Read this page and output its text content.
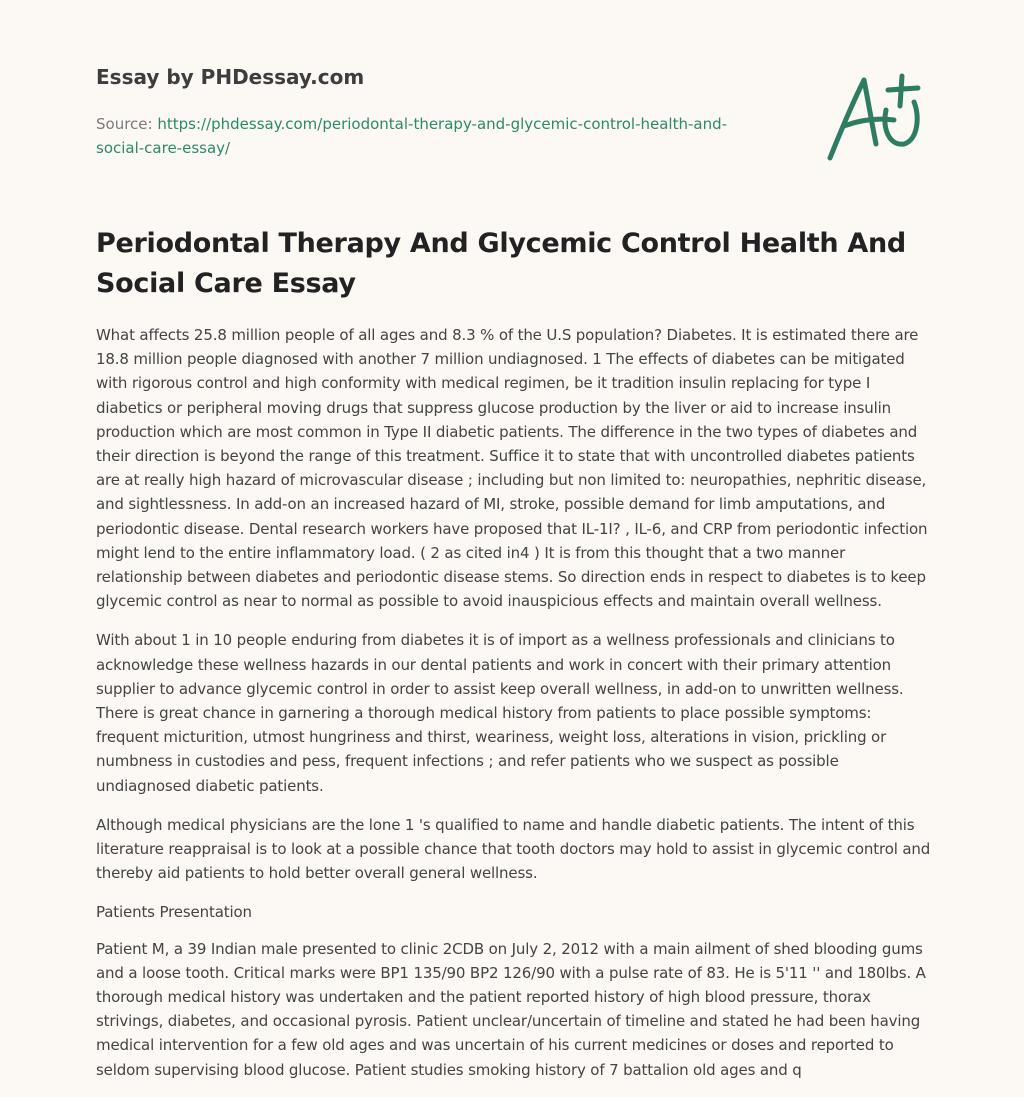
Essay by PHDessay.com
Source: https://phdessay.com/periodontal-therapy-and-glycemic-control-health-and-
social-care-essay/
Periodontal Therapy And Glycemic Control Health And Social Care Essay

What affects 25.8 million people of all ages and 8.3 % of the U.S population? Diabetes. It is estimated there are 18.8 million people diagnosed with another 7 million undiagnosed. 1 The effects of diabetes can be mitigated with rigorous control and high conformity with medical regimen, be it tradition insulin replacing for type I diabetics or peripheral moving drugs that suppress glucose production by the liver or aid to increase insulin production which are most common in Type II diabetic patients. The difference in the two types of diabetes and their direction is beyond the range of this treatment. Suffice it to state that with uncontrolled diabetes patients are at really high hazard of microvascular disease ; including but non limited to: neuropathies, nephritic disease, and sightlessness. In add-on an increased hazard of MI, stroke, possible demand for limb amputations, and periodontic disease. Dental research workers have proposed that IL-1I? , IL-6, and CRP from periodontic infection might lend to the entire inflammatory load. ( 2 as cited in4 ) It is from this thought that a two manner relationship between diabetes and periodontic disease stems. So direction ends in respect to diabetes is to keep glycemic control as near to normal as possible to avoid inauspicious effects and maintain overall wellness.

With about 1 in 10 people enduring from diabetes it is of import as a wellness professionals and clinicians to acknowledge these wellness hazards in our dental patients and work in concert with their primary attention supplier to advance glycemic control in order to assist keep overall wellness, in add-on to unwritten wellness. There is great chance in garnering a thorough medical history from patients to place possible symptoms: frequent micturition, utmost hungriness and thirst, weariness, weight loss, alterations in vision, prickling or numbness in custodies and pess, frequent infections ; and refer patients who we suspect as possible undiagnosed diabetic patients.

Although medical physicians are the lone 1 's qualified to name and handle diabetic patients. The intent of this literature reappraisal is to look at a possible chance that tooth doctors may hold to assist in glycemic control and thereby aid patients to hold better overall general wellness.

Patients Presentation

Patient M, a 39 Indian male presented to clinic 2CDB on July 2, 2012 with a main ailment of shed blooding gums and a loose tooth. Critical marks were BP1 135/90 BP2 126/90 with a pulse rate of 83. He is 5'11 '' and 180lbs. A thorough medical history was undertaken and the patient reported history of high blood pressure, thorax strivings, diabetes, and occasional pyrosis. Patient unclear/uncertain of timeline and stated he had been having medical intervention for a few old ages and was uncertain of his current medicines or doses and reported to seldom supervising blood glucose. Patient studies smoking history of 7 battalion old ages and q
